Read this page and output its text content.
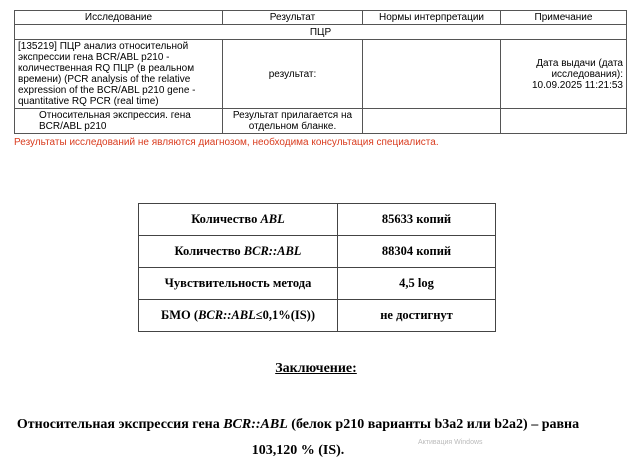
Исследование	Результат	Нормы интерпретации	Примечание
ПЦР			
[135219] ПЦР анализ относительной экспрессии гена BCR/ABL p210 - количественная RQ ПЦР (в реальном времени) (PCR analysis of the relative expression of the BCR/ABL p210 gene - quantitative RQ PCR (real time)	результат:		Дата выдачи (дата исследования): 10.09.2025 11:21:53
Относительная экспрессия. гена BCR/ABL p210	Результат прилагается на отдельном бланке.		
Результаты исследований не являются диагнозом, необходима консультация специалиста.
Количество ABL	85633 копий
Количество BCR::ABL	88304 копий
Чувствительность метода	4,5 log
БМО (BCR::ABL≤0,1%(IS))	не достигнут
Заключение:
Относительная экспрессия гена BCR::ABL (белок p210 варианты b3a2 или b2a2) – равна 103,120 % (IS).
Активация Windows
